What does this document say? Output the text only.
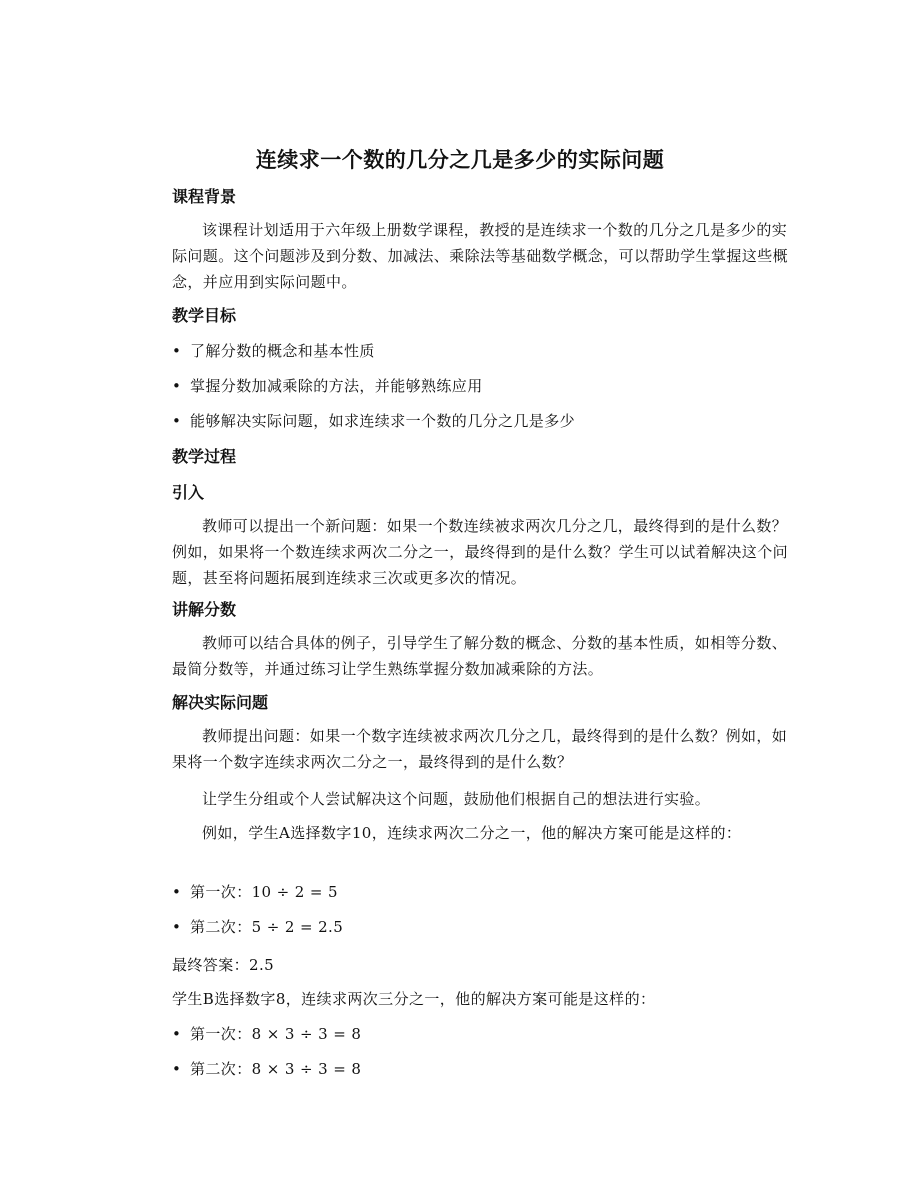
连续求一个数的几分之几是多少的实际问题
课程背景
该课程计划适用于六年级上册数学课程，教授的是连续求一个数的几分之几是多少的实际问题。这个问题涉及到分数、加减法、乘除法等基础数学概念，可以帮助学生掌握这些概念，并应用到实际问题中。
教学目标
• 了解分数的概念和基本性质
• 掌握分数加减乘除的方法，并能够熟练应用
• 能够解决实际问题，如求连续求一个数的几分之几是多少
教学过程
引入
教师可以提出一个新问题：如果一个数连续被求两次几分之几，最终得到的是什么数？例如，如果将一个数连续求两次二分之一，最终得到的是什么数？学生可以试着解决这个问题，甚至将问题拓展到连续求三次或更多次的情况。
讲解分数
教师可以结合具体的例子，引导学生了解分数的概念、分数的基本性质，如相等分数、最简分数等，并通过练习让学生熟练掌握分数加减乘除的方法。
解决实际问题
教师提出问题：如果一个数字连续被求两次几分之几，最终得到的是什么数？例如，如果将一个数字连续求两次二分之一，最终得到的是什么数？
让学生分组或个人尝试解决这个问题，鼓励他们根据自己的想法进行实验。
例如，学生A选择数字10，连续求两次二分之一，他的解决方案可能是这样的：
• 第一次：10 ÷ 2 = 5
• 第二次：5 ÷ 2 = 2.5
最终答案：2.5
学生B选择数字8，连续求两次三分之一，他的解决方案可能是这样的：
• 第一次：8 × 3 ÷ 3 = 8
• 第二次：8 × 3 ÷ 3 = 8
